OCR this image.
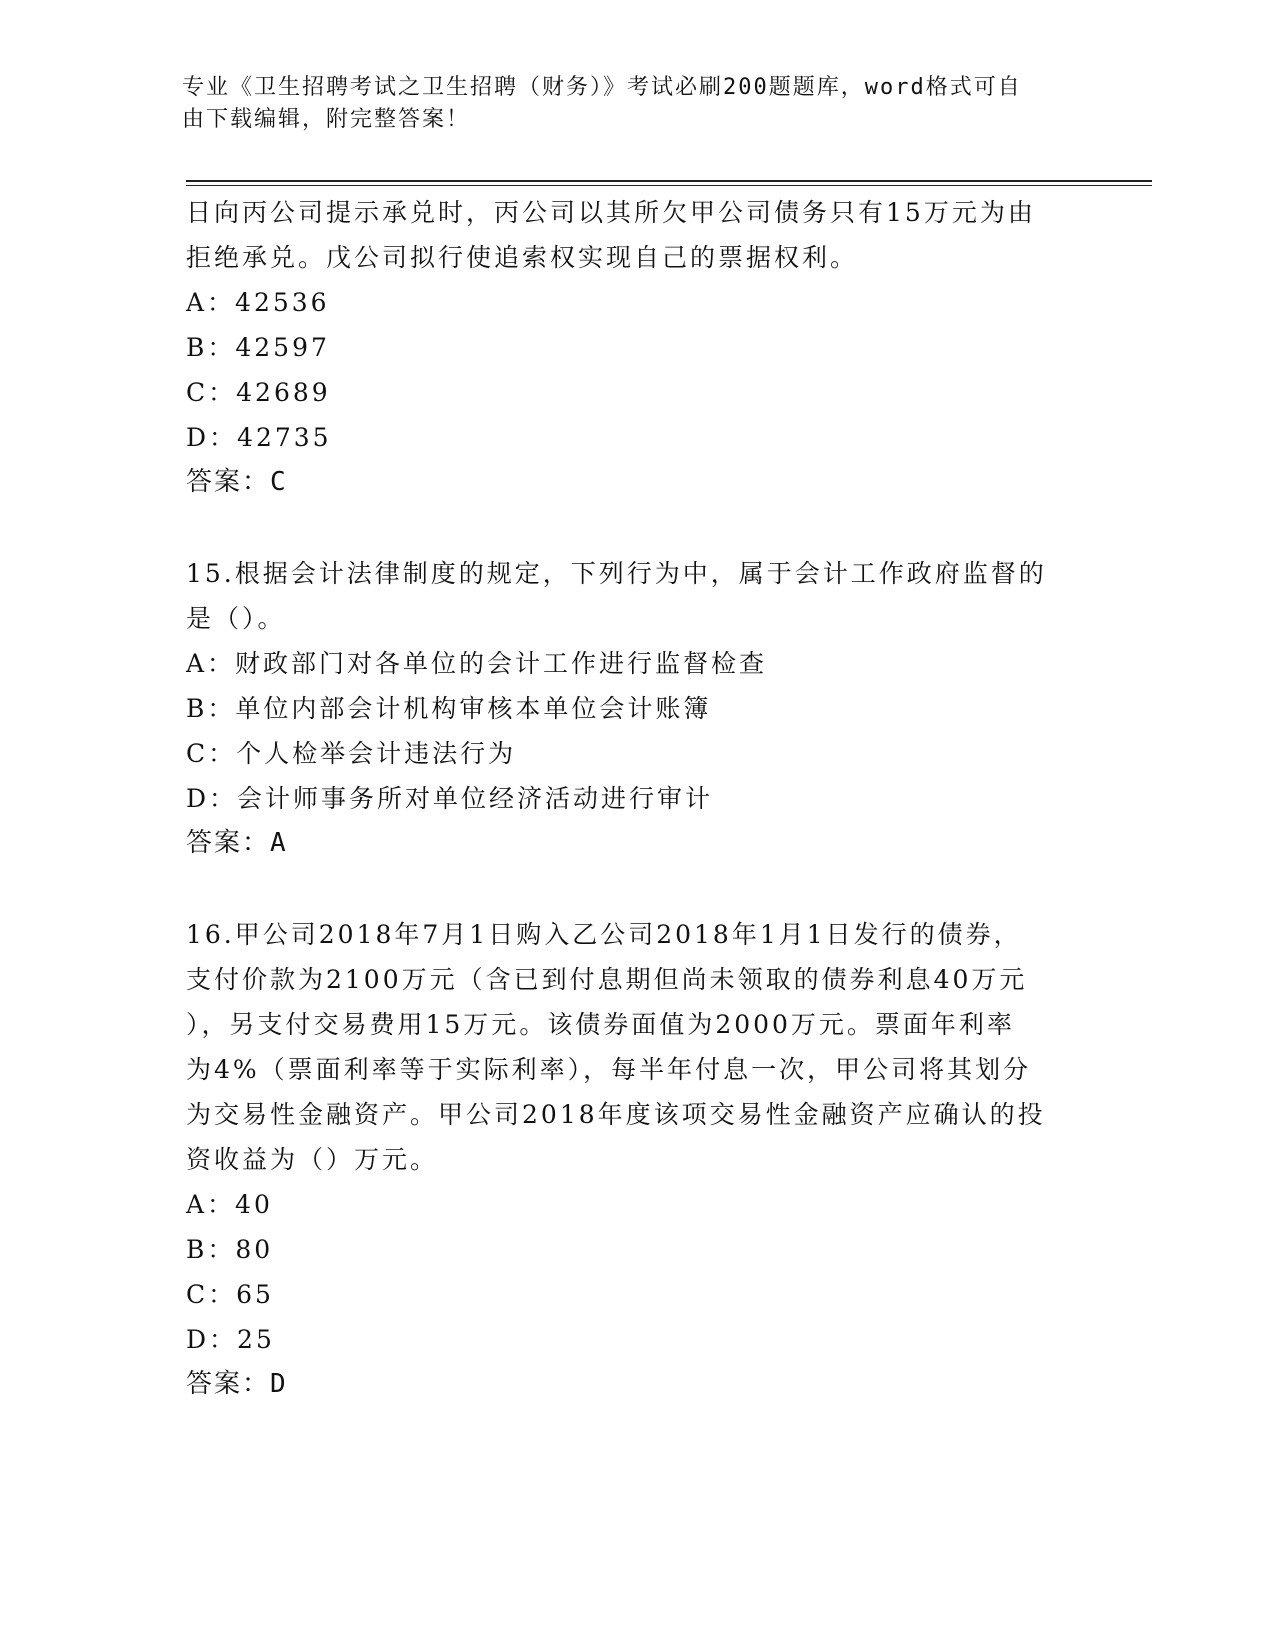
专业《卫生招聘考试之卫生招聘（财务）》考试必刷200题题库，word格式可自
由下载编辑，附完整答案！
日向丙公司提示承兑时，丙公司以其所欠甲公司债务只有15万元为由
拒绝承兑。戊公司拟行使追索权实现自己的票据权利。
A：42536
B：42597
C：42689
D：42735
答案：C
15.根据会计法律制度的规定，下列行为中，属于会计工作政府监督的
是（）。
A：财政部门对各单位的会计工作进行监督检查
B：单位内部会计机构审核本单位会计账簿
C：个人检举会计违法行为
D：会计师事务所对单位经济活动进行审计
答案：A
16.甲公司2018年7月1日购入乙公司2018年1月1日发行的债券，
支付价款为2100万元（含已到付息期但尚未领取的债券利息40万元
），另支付交易费用15万元。该债券面值为2000万元。票面年利率
为4%（票面利率等于实际利率），每半年付息一次，甲公司将其划分
为交易性金融资产。甲公司2018年度该项交易性金融资产应确认的投
资收益为（）万元。
A：40
B：80
C：65
D：25
答案：D
